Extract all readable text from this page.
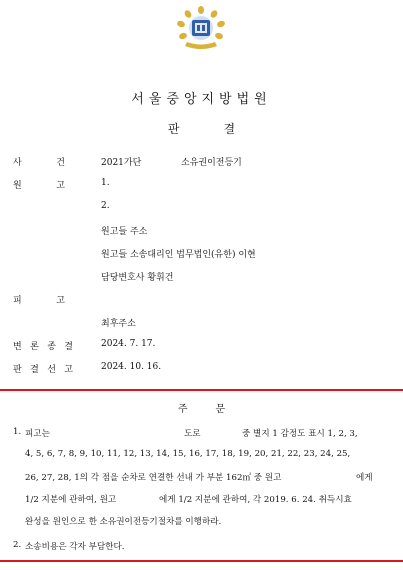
서울중앙지방법원
판	결
사	건	2021가단	소유권이전등기
원	고	1.
2.
원고들 주소
원고들 소송대리인 법무법인(유한) 이현
담당변호사 황휘건
피	고
최후주소
변 론 종 결	2024. 7. 17.
판 결 선 고	2024. 10. 16.
주	문
1. 피고는	도로	중 별지 1 감정도 표시 1, 2, 3,
4, 5, 6, 7, 8, 9, 10, 11, 12, 13, 14, 15, 16, 17, 18, 19, 20, 21, 22, 23, 24, 25,
26, 27, 28, 1의 각 점을 순차로 연결한 선내 가 부분 162㎡ 중 원고	에게
1/2 지분에 관하여, 원고	에게 1/2 지분에 관하여, 각 2019. 6. 24. 취득시효
완성을 원인으로 한 소유권이전등기절차를 이행하라.
2. 소송비용은 각자 부담한다.
